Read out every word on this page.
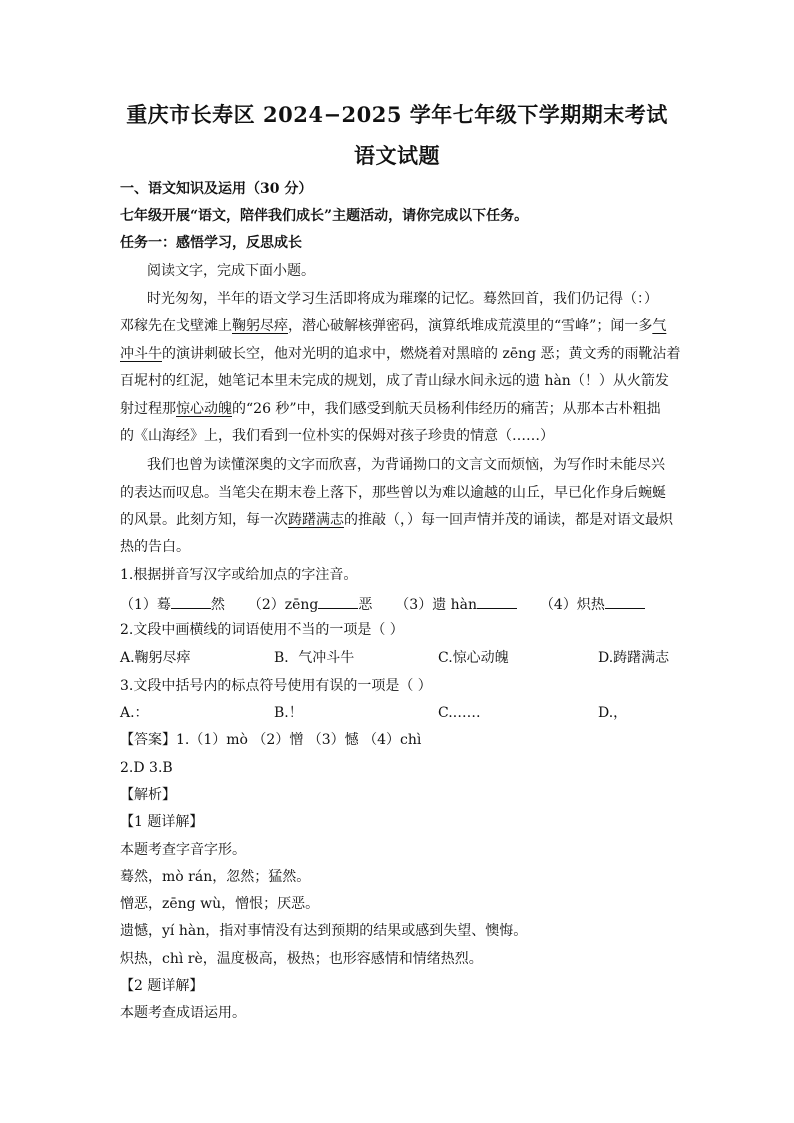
重庆市长寿区 2024−2025 学年七年级下学期期末考试
语文试题
一、语文知识及运用（30 分）
七年级开展“语文，陪伴我们成长”主题活动，请你完成以下任务。
任务一：感悟学习，反思成长
阅读文字，完成下面小题。
时光匆匆，半年的语文学习生活即将成为璀璨的记忆。蓦然回首，我们仍记得（：）
邓稼先在戈壁滩上鞠躬尽瘁，潜心破解核弹密码，演算纸堆成荒漠里的“雪峰”；闻一多气
冲斗牛的演讲刺破长空，他对光明的追求中，燃烧着对黑暗的 zēng 恶；黄文秀的雨靴沾着
百坭村的红泥，她笔记本里未完成的规划，成了青山绿水间永远的遗 hàn（！）从火箭发
射过程那惊心动魄的“26 秒”中，我们感受到航天员杨利伟经历的痛苦；从那本古朴粗拙
的《山海经》上，我们看到一位朴实的保姆对孩子珍贵的情意（……）
我们也曾为读懂深奥的文字而欣喜，为背诵拗口的文言文而烦恼，为写作时未能尽兴
的表达而叹息。当笔尖在期末卷上落下，那些曾以为难以逾越的山丘，早已化作身后蜿蜒
的风景。此刻方知，每一次踌躇满志的推敲（，）每一回声情并茂的诵读，都是对语文最炽
热的告白。
1.根据拼音写汉字或给加点的字注音。
（1）蓦	然 （2）zēng	恶 （3）遗 hàn	（4）炽热
2.文段中画横线的词语使用不当的一项是（ ）
A.鞠躬尽瘁	B．气冲斗牛	C.惊心动魄	D.踌躇满志
3.文段中括号内的标点符号使用有误的一项是（ ）
A.：	B.！	C.……	D.，
【答案】1.（1）mò （2）憎 （3）憾 （4）chì
2.D 3.B
【解析】
【1 题详解】
本题考查字音字形。
蓦然，mò rán，忽然；猛然。
憎恶，zēng wù，憎恨；厌恶。
遗憾，yí hàn，指对事情没有达到预期的结果或感到失望、懊悔。
炽热，chì rè，温度极高，极热；也形容感情和情绪热烈。
【2 题详解】
本题考查成语运用。
